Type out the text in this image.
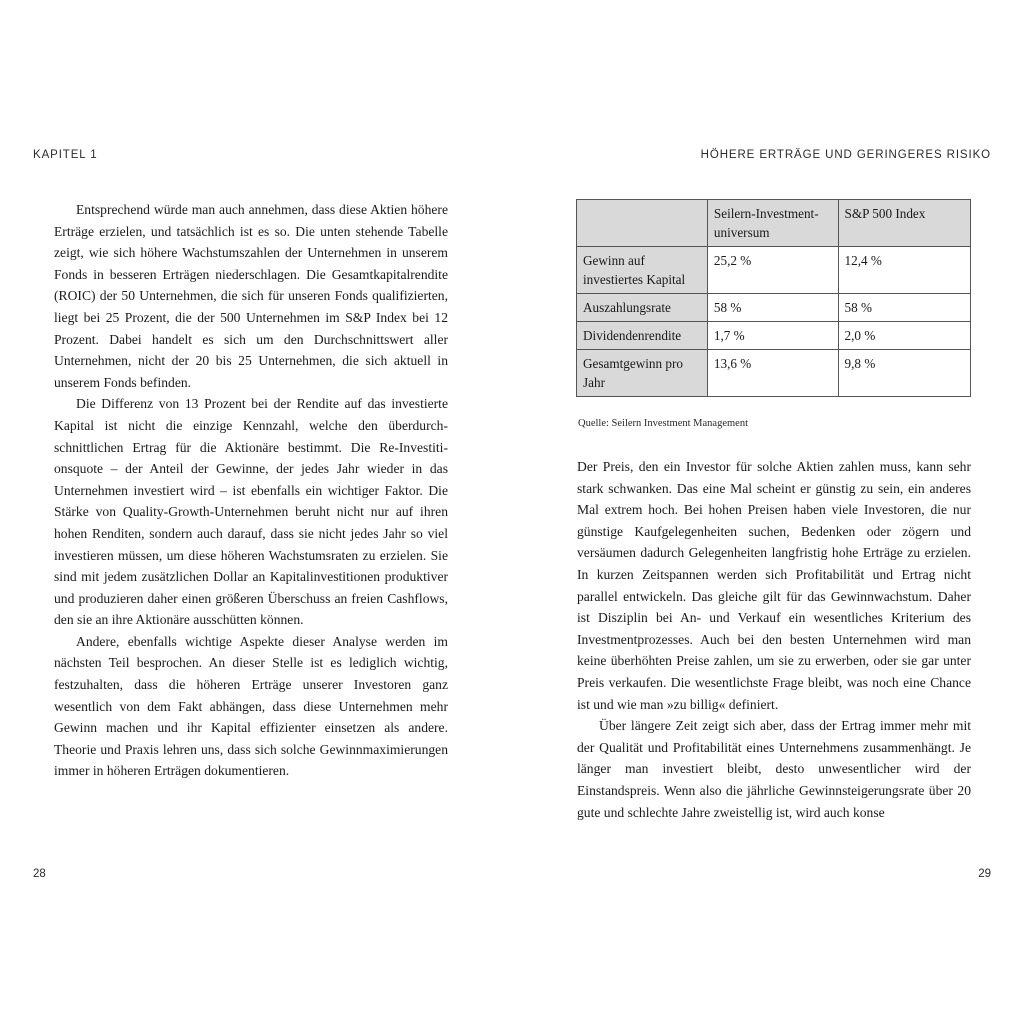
KAPITEL 1

Entsprechend würde man auch annehmen, dass diese Aktien höhere Erträge erzielen, und tatsächlich ist es so. Die unten stehende Tabelle zeigt, wie sich höhere Wachstumszahlen der Unternehmen in unserem Fonds in besseren Erträgen niederschlagen. Die Gesamtkapitalrendite (ROIC) der 50 Unternehmen, die sich für unseren Fonds qualifizierten, liegt bei 25 Prozent, die der 500 Unternehmen im S&P Index bei 12 Prozent. Dabei handelt es sich um den Durchschnittswert aller Unternehmen, nicht der 20 bis 25 Unternehmen, die sich aktuell in unserem Fonds befinden.

Die Differenz von 13 Prozent bei der Rendite auf das investierte Kapital ist nicht die einzige Kennzahl, welche den überdurchschnittlichen Ertrag für die Aktionäre bestimmt. Die Re-Investitionsquote – der Anteil der Gewinne, der jedes Jahr wieder in das Unternehmen investiert wird – ist ebenfalls ein wichtiger Faktor. Die Stärke von Quality-Growth-Unternehmen beruht nicht nur auf ihren hohen Renditen, sondern auch darauf, dass sie nicht jedes Jahr so viel investieren müssen, um diese höheren Wachstumsraten zu erzielen. Sie sind mit jedem zusätzlichen Dollar an Kapitalinvestitionen produktiver und produzieren daher einen größeren Überschuss an freien Cashflows, den sie an ihre Aktionäre ausschütten können.

Andere, ebenfalls wichtige Aspekte dieser Analyse werden im nächsten Teil besprochen. An dieser Stelle ist es lediglich wichtig, festzuhalten, dass die höheren Erträge unserer Investoren ganz wesentlich von dem Fakt abhängen, dass diese Unternehmen mehr Gewinn machen und ihr Kapital effizienter einsetzen als andere. Theorie und Praxis lehren uns, dass sich solche Gewinnmaximierungen immer in höheren Erträgen dokumentieren.

28
HÖHERE ERTRÄGE UND GERINGERES RISIKO
	Seilern-Investmentuniversum	S&P 500 Index
Gewinn auf investiertes Kapital	25,2 %	12,4 %
Auszahlungsrate	58 %	58 %
Dividendenrendite	1,7 %	2,0 %
Gesamtgewinn pro Jahr	13,6 %	9,8 %
Quelle: Seilern Investment Management

Der Preis, den ein Investor für solche Aktien zahlen muss, kann sehr stark schwanken. Das eine Mal scheint er günstig zu sein, ein anderes Mal extrem hoch. Bei hohen Preisen haben viele Investoren, die nur günstige Kaufgelegenheiten suchen, Bedenken oder zögern und versäumen dadurch Gelegenheiten langfristig hohe Erträge zu erzielen. In kurzen Zeitspannen werden sich Profitabilität und Ertrag nicht parallel entwickeln. Das gleiche gilt für das Gewinnwachstum. Daher ist Disziplin bei An- und Verkauf ein wesentliches Kriterium des Investmentprozesses. Auch bei den besten Unternehmen wird man keine überhöhten Preise zahlen, um sie zu erwerben, oder sie gar unter Preis verkaufen. Die wesentlichste Frage bleibt, was noch eine Chance ist und wie man »zu billig« definiert.

Über längere Zeit zeigt sich aber, dass der Ertrag immer mehr mit der Qualität und Profitabilität eines Unternehmens zusammenhängt. Je länger man investiert bleibt, desto unwesentlicher wird der Einstandspreis. Wenn also die jährliche Gewinnsteigerungsrate über 20 gute und schlechte Jahre zweistellig ist, wird auch konse

29
